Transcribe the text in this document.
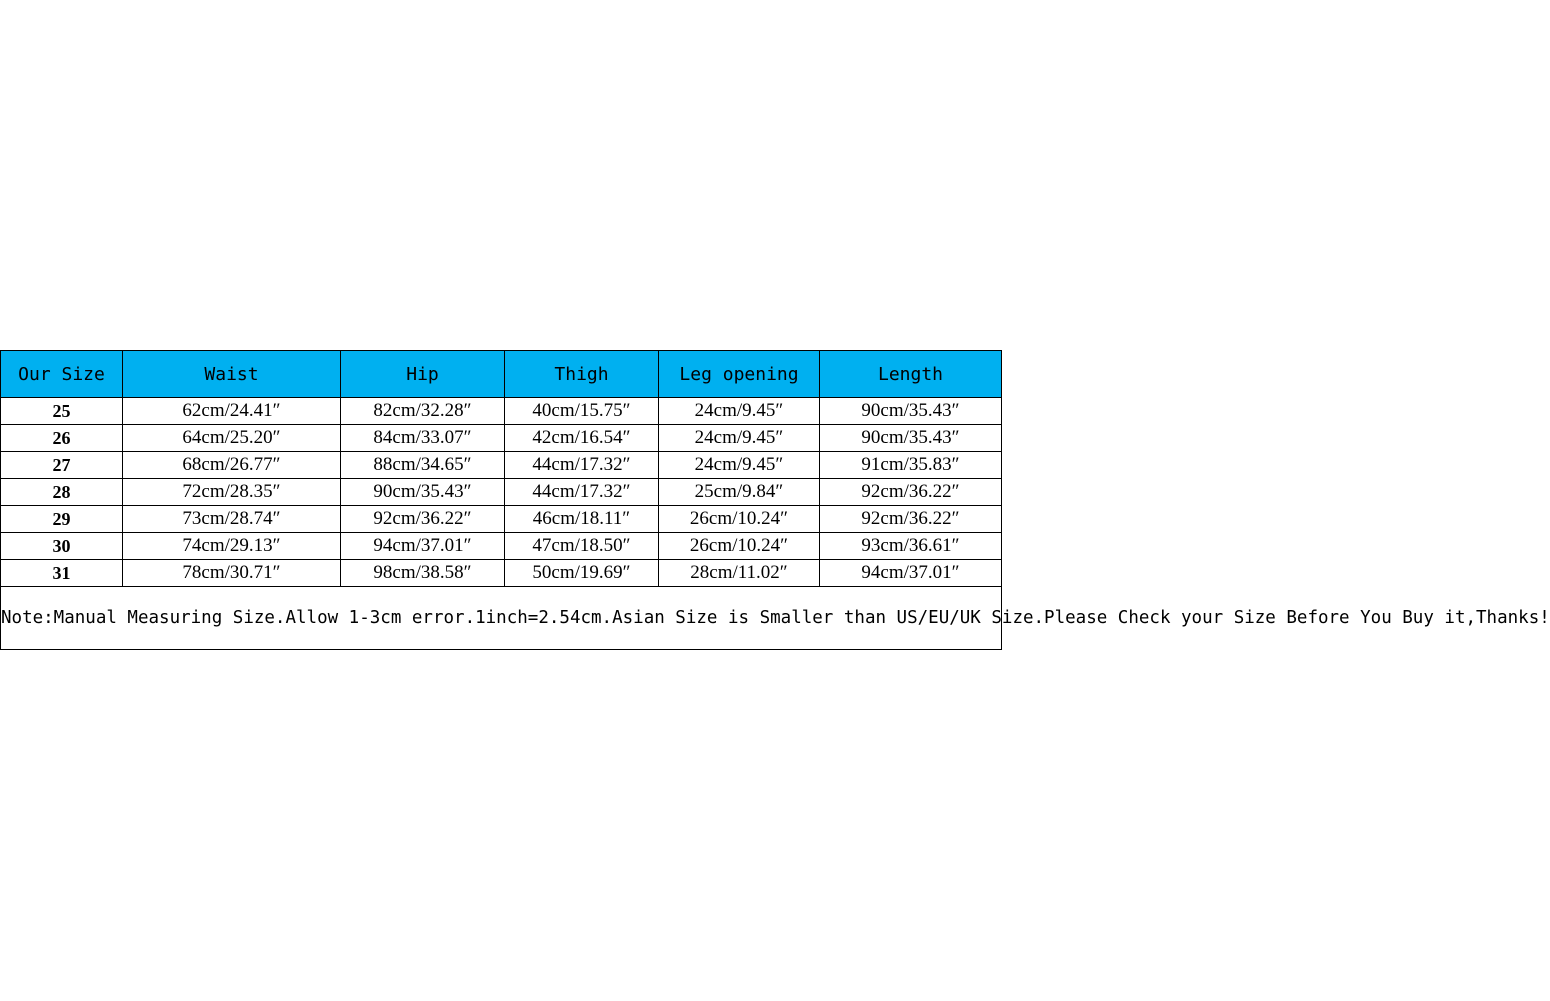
Our Size	Waist	Hip	Thigh	Leg opening	Length
25	62cm/24.41″	82cm/32.28″	40cm/15.75″	24cm/9.45″	90cm/35.43″
26	64cm/25.20″	84cm/33.07″	42cm/16.54″	24cm/9.45″	90cm/35.43″
27	68cm/26.77″	88cm/34.65″	44cm/17.32″	24cm/9.45″	91cm/35.83″
28	72cm/28.35″	90cm/35.43″	44cm/17.32″	25cm/9.84″	92cm/36.22″
29	73cm/28.74″	92cm/36.22″	46cm/18.11″	26cm/10.24″	92cm/36.22″
30	74cm/29.13″	94cm/37.01″	47cm/18.50″	26cm/10.24″	93cm/36.61″
31	78cm/30.71″	98cm/38.58″	50cm/19.69″	28cm/11.02″	94cm/37.01″
Note:Manual Measuring Size.Allow 1-3cm error.1inch=2.54cm.Asian Size is Smaller than US/EU/UK Size.Please Check your Size Before You Buy it,Thanks!					
